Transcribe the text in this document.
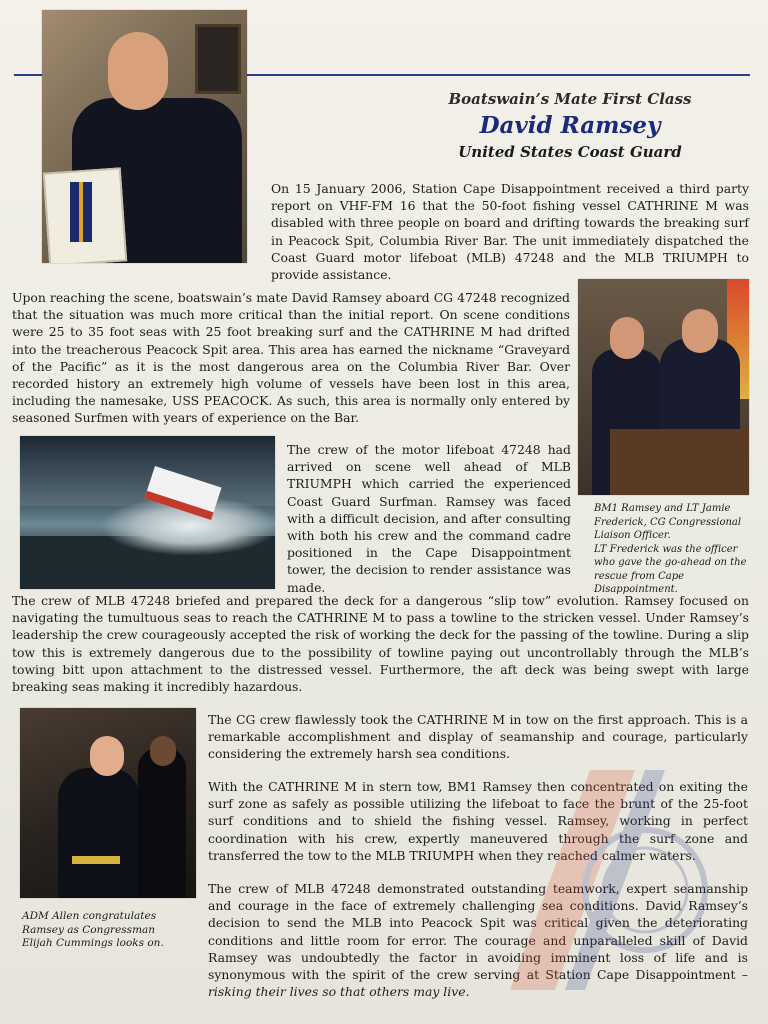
Boatswain’s Mate First Class
David Ramsey
United States Coast Guard

On 15 January 2006, Station Cape Disappointment received a third party report on VHF-FM 16 that the 50-foot fishing vessel CATHRINE M was disabled with three people on board and drifting towards the breaking surf in Peacock Spit, Columbia River Bar. The unit immediately dispatched the Coast Guard motor lifeboat (MLB) 47248 and the MLB TRIUMPH to provide assistance.

Upon reaching the scene, boatswain’s mate David Ramsey aboard CG 47248 recognized that the situation was much more critical than the initial report. On scene conditions were 25 to 35 foot seas with 25 foot breaking surf and the CATHRINE M had drifted into the treacherous Peacock Spit area. This area has earned the nickname “Graveyard of the Pacific” as it is the most dangerous area on the Columbia River Bar. Over recorded history an extremely high volume of vessels have been lost in this area, including the namesake, USS PEACOCK. As such, this area is normally only entered by seasoned Surfmen with years of experience on the Bar.

The crew of the motor lifeboat 47248 had arrived on scene well ahead of MLB TRIUMPH which carried the experienced Coast Guard Surfman. Ramsey was faced with a difficult decision, and after consulting with both his crew and the command cadre positioned in the Cape Disappointment tower, the decision to render assistance was made.

BM1 Ramsey and LT Jamie Frederick, CG Congressional Liaison Officer.
LT Frederick was the officer who gave the go-ahead on the rescue from Cape Disappointment.

The crew of MLB 47248 briefed and prepared the deck for a dangerous “slip tow” evolution. Ramsey focused on navigating the tumultuous seas to reach the CATHRINE M to pass a towline to the stricken vessel. Under Ramsey’s leadership the crew courageously accepted the risk of working the deck for the passing of the towline. During a slip tow this is extremely dangerous due to the possibility of towline paying out uncontrollably through the MLB’s towing bitt upon attachment to the distressed vessel. Furthermore, the aft deck was being swept with large breaking seas making it incredibly hazardous.

ADM Allen congratulates Ramsey as Congressman Elijah Cummings looks on.

The CG crew flawlessly took the CATHRINE M in tow on the first approach. This is a remarkable accomplishment and display of seamanship and courage, particularly considering the extremely harsh sea conditions.

With the CATHRINE M in stern tow, BM1 Ramsey then concentrated on exiting the surf zone as safely as possible utilizing the lifeboat to face the brunt of the 25-foot surf conditions and to shield the fishing vessel. Ramsey, working in perfect coordination with his crew, expertly maneuvered through the surf zone and transferred the tow to the MLB TRIUMPH when they reached calmer waters.

The crew of MLB 47248 demonstrated outstanding teamwork, expert seamanship and courage in the face of extremely challenging sea conditions. David Ramsey’s decision to send the MLB into Peacock Spit was critical given the deteriorating conditions and little room for error. The courage and unparalleled skill of David Ramsey was undoubtedly the factor in avoiding imminent loss of life and is synonymous with the spirit of the crew serving at Station Cape Disappointment – risking their lives so that others may live.
